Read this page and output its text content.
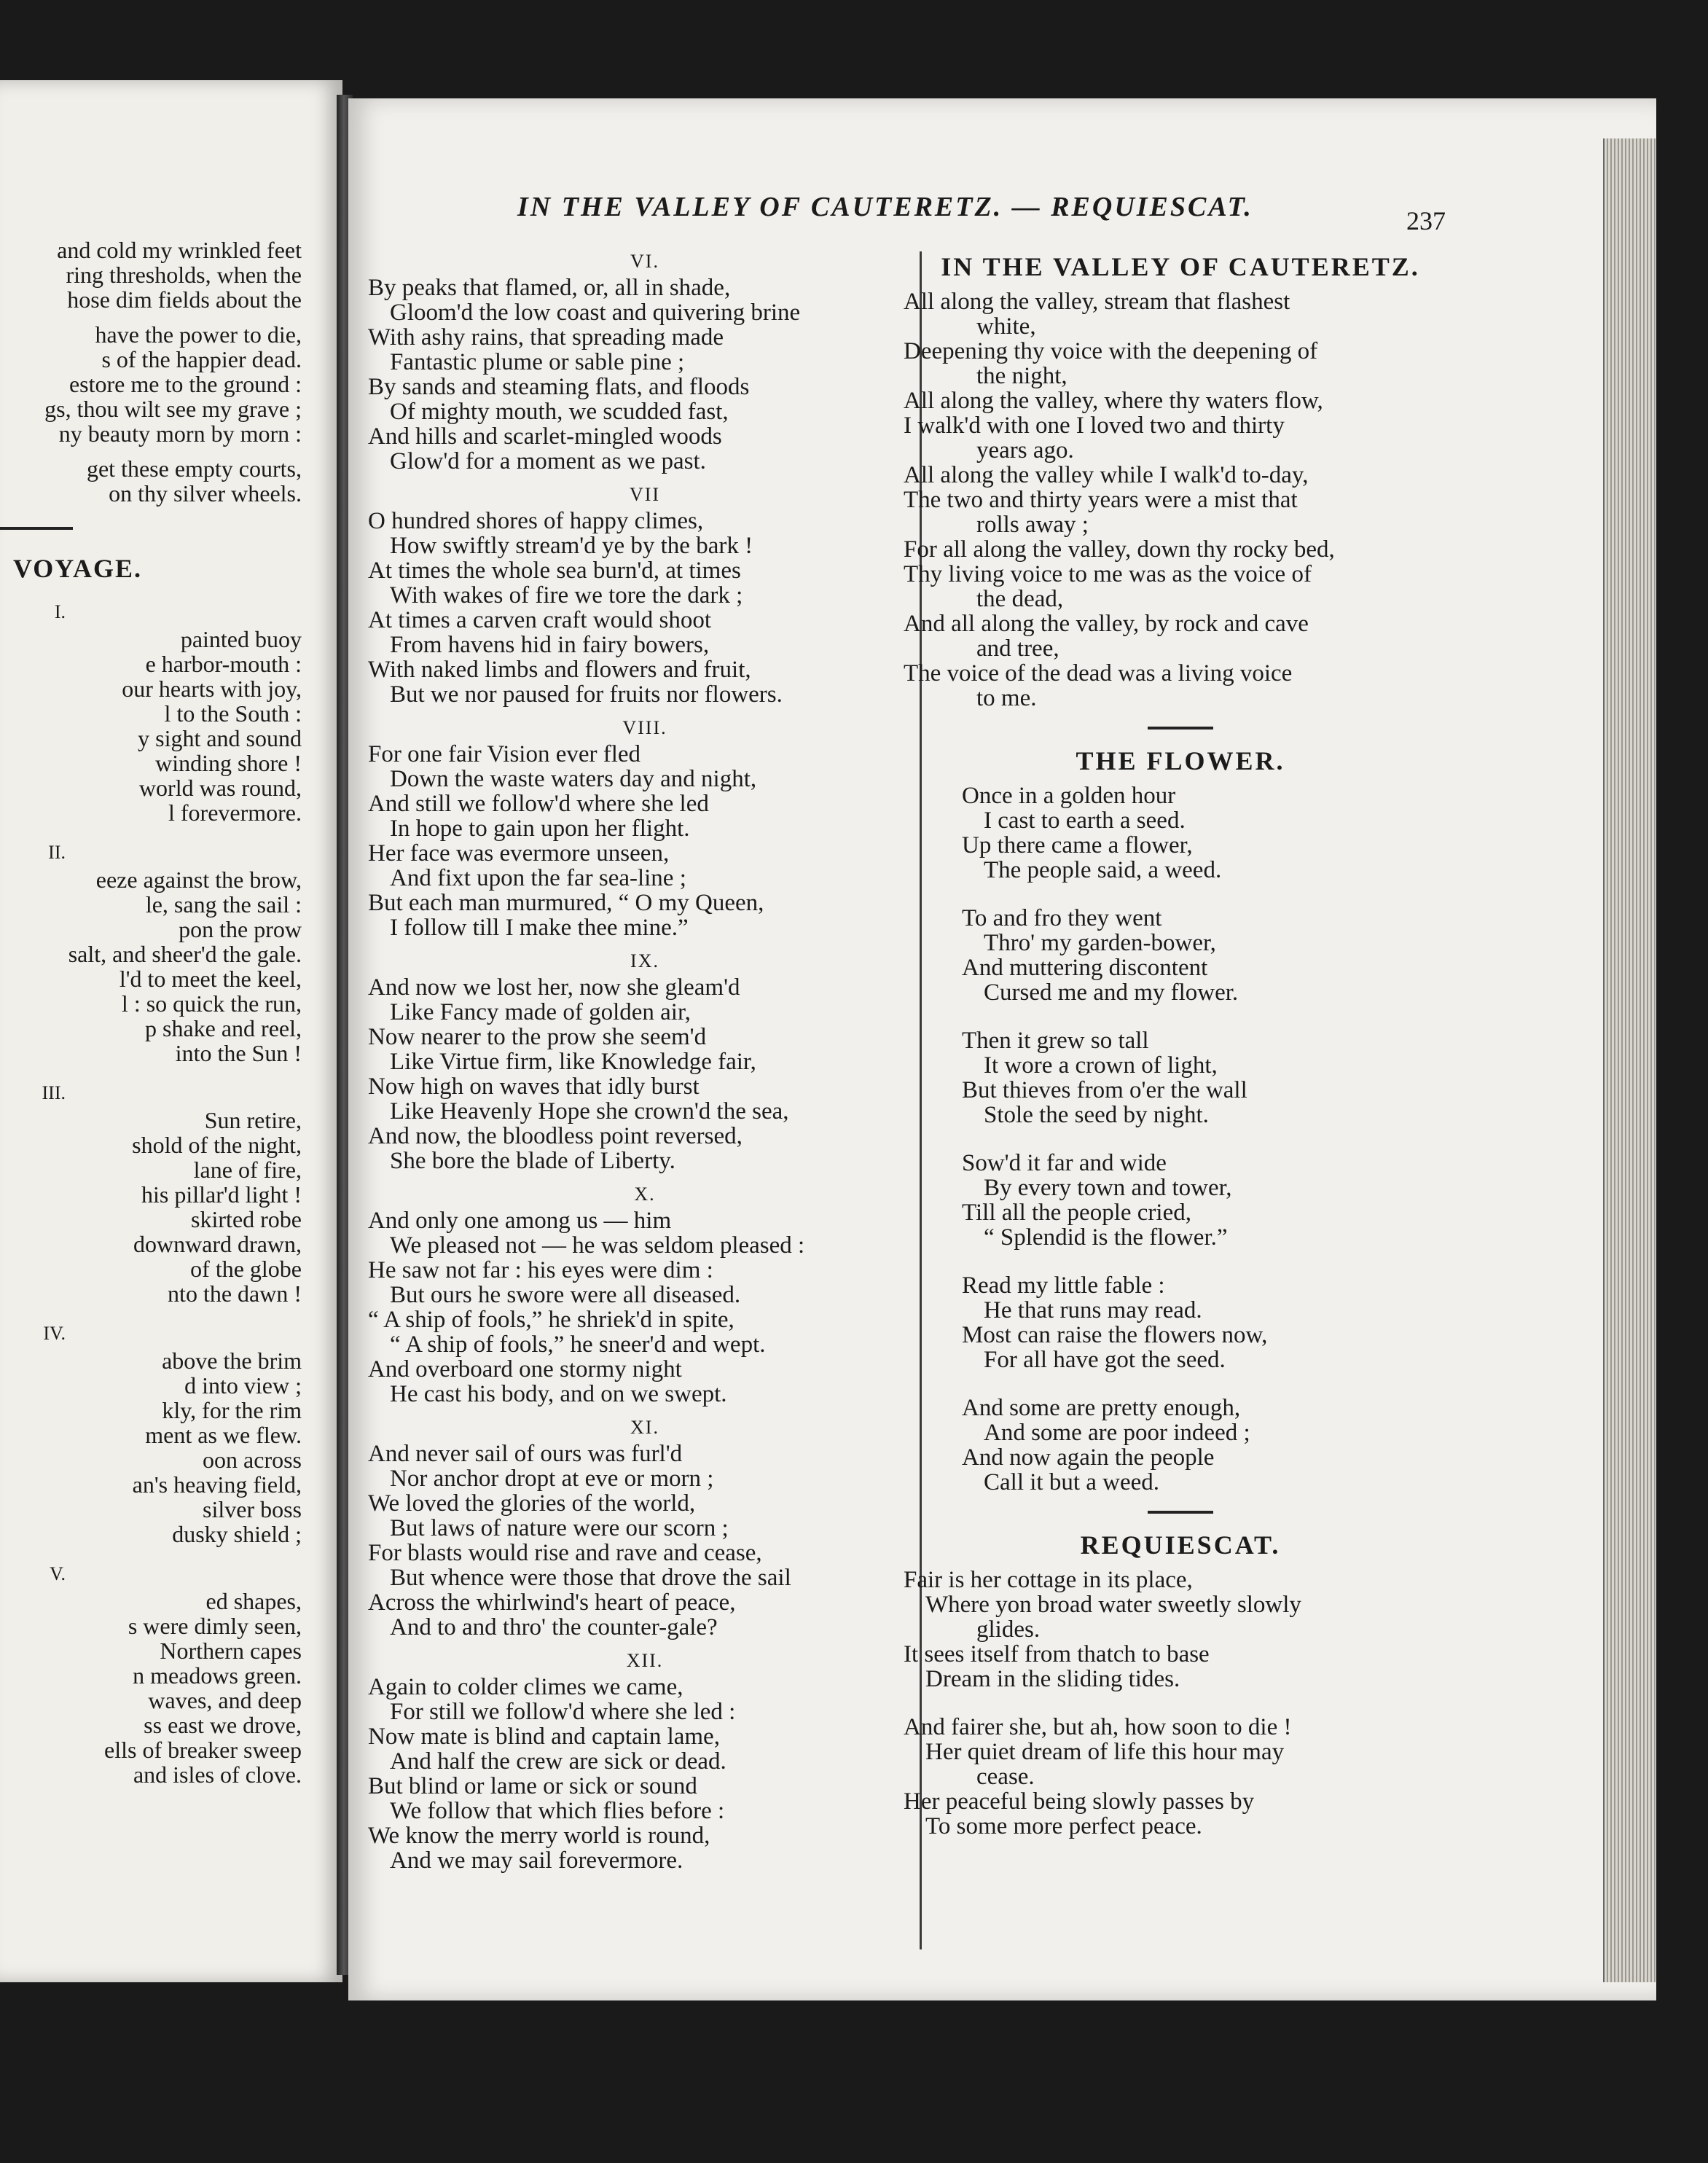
and cold my wrinkled feet
ring thresholds, when the
hose dim fields about the
have the power to die,
s of the happier dead.
estore me to the ground :
gs, thou wilt see my grave ;
ny beauty morn by morn :
get these empty courts,
on thy silver wheels.
VOYAGE.
I.
painted buoy
e harbor-mouth :
our hearts with joy,
l to the South :
y sight and sound
winding shore !
world was round,
l forevermore.
II.
eeze against the brow,
le, sang the sail :
pon the prow
salt, and sheer'd the gale.
l'd to meet the keel,
l : so quick the run,
p shake and reel,
into the Sun !
III.
Sun retire,
shold of the night,
lane of fire,
his pillar'd light !
skirted robe
downward drawn,
of the globe
nto the dawn !
IV.
above the brim
d into view ;
kly, for the rim
ment as we flew.
oon across
an's heaving field,
silver boss
dusky shield ;
V.
ed shapes,
s were dimly seen,
Northern capes
n meadows green.
waves, and deep
ss east we drove,
ells of breaker sweep
and isles of clove.
IN THE VALLEY OF CAUTERETZ. — REQUIESCAT.	237
VI.
By peaks that flamed, or, all in shade,
Gloom'd the low coast and quivering brine
With ashy rains, that spreading made
Fantastic plume or sable pine ;
By sands and steaming flats, and floods
Of mighty mouth, we scudded fast,
And hills and scarlet-mingled woods
Glow'd for a moment as we past.
VII
O hundred shores of happy climes,
How swiftly stream'd ye by the bark !
At times the whole sea burn'd, at times
With wakes of fire we tore the dark ;
At times a carven craft would shoot
From havens hid in fairy bowers,
With naked limbs and flowers and fruit,
But we nor paused for fruits nor flowers.
VIII.
For one fair Vision ever fled
Down the waste waters day and night,
And still we follow'd where she led
In hope to gain upon her flight.
Her face was evermore unseen,
And fixt upon the far sea-line ;
But each man murmured, “ O my Queen,
I follow till I make thee mine.”
IX.
And now we lost her, now she gleam'd
Like Fancy made of golden air,
Now nearer to the prow she seem'd
Like Virtue firm, like Knowledge fair,
Now high on waves that idly burst
Like Heavenly Hope she crown'd the sea,
And now, the bloodless point reversed,
She bore the blade of Liberty.
X.
And only one among us — him
We pleased not — he was seldom pleased :
He saw not far : his eyes were dim :
But ours he swore were all diseased.
“ A ship of fools,” he shriek'd in spite,
“ A ship of fools,” he sneer'd and wept.
And overboard one stormy night
He cast his body, and on we swept.
XI.
And never sail of ours was furl'd
Nor anchor dropt at eve or morn ;
We loved the glories of the world,
But laws of nature were our scorn ;
For blasts would rise and rave and cease,
But whence were those that drove the sail
Across the whirlwind's heart of peace,
And to and thro' the counter-gale?
XII.
Again to colder climes we came,
For still we follow'd where she led :
Now mate is blind and captain lame,
And half the crew are sick or dead.
But blind or lame or sick or sound
We follow that which flies before :
We know the merry world is round,
And we may sail forevermore.
IN THE VALLEY OF CAUTERETZ.
All along the valley, stream that flashest
white,
Deepening thy voice with the deepening of
the night,
All along the valley, where thy waters flow,
I walk'd with one I loved two and thirty
years ago.
All along the valley while I walk'd to-day,
The two and thirty years were a mist that
rolls away ;
For all along the valley, down thy rocky bed,
Thy living voice to me was as the voice of
the dead,
And all along the valley, by rock and cave
and tree,
The voice of the dead was a living voice
to me.
THE FLOWER.
Once in a golden hour
I cast to earth a seed.
Up there came a flower,
The people said, a weed.
To and fro they went
Thro' my garden-bower,
And muttering discontent
Cursed me and my flower.
Then it grew so tall
It wore a crown of light,
But thieves from o'er the wall
Stole the seed by night.
Sow'd it far and wide
By every town and tower,
Till all the people cried,
“ Splendid is the flower.”
Read my little fable :
He that runs may read.
Most can raise the flowers now,
For all have got the seed.
And some are pretty enough,
And some are poor indeed ;
And now again the people
Call it but a weed.
REQUIESCAT.
Fair is her cottage in its place,
Where yon broad water sweetly slowly
glides.
It sees itself from thatch to base
Dream in the sliding tides.
And fairer she, but ah, how soon to die !
Her quiet dream of life this hour may
cease.
Her peaceful being slowly passes by
To some more perfect peace.
